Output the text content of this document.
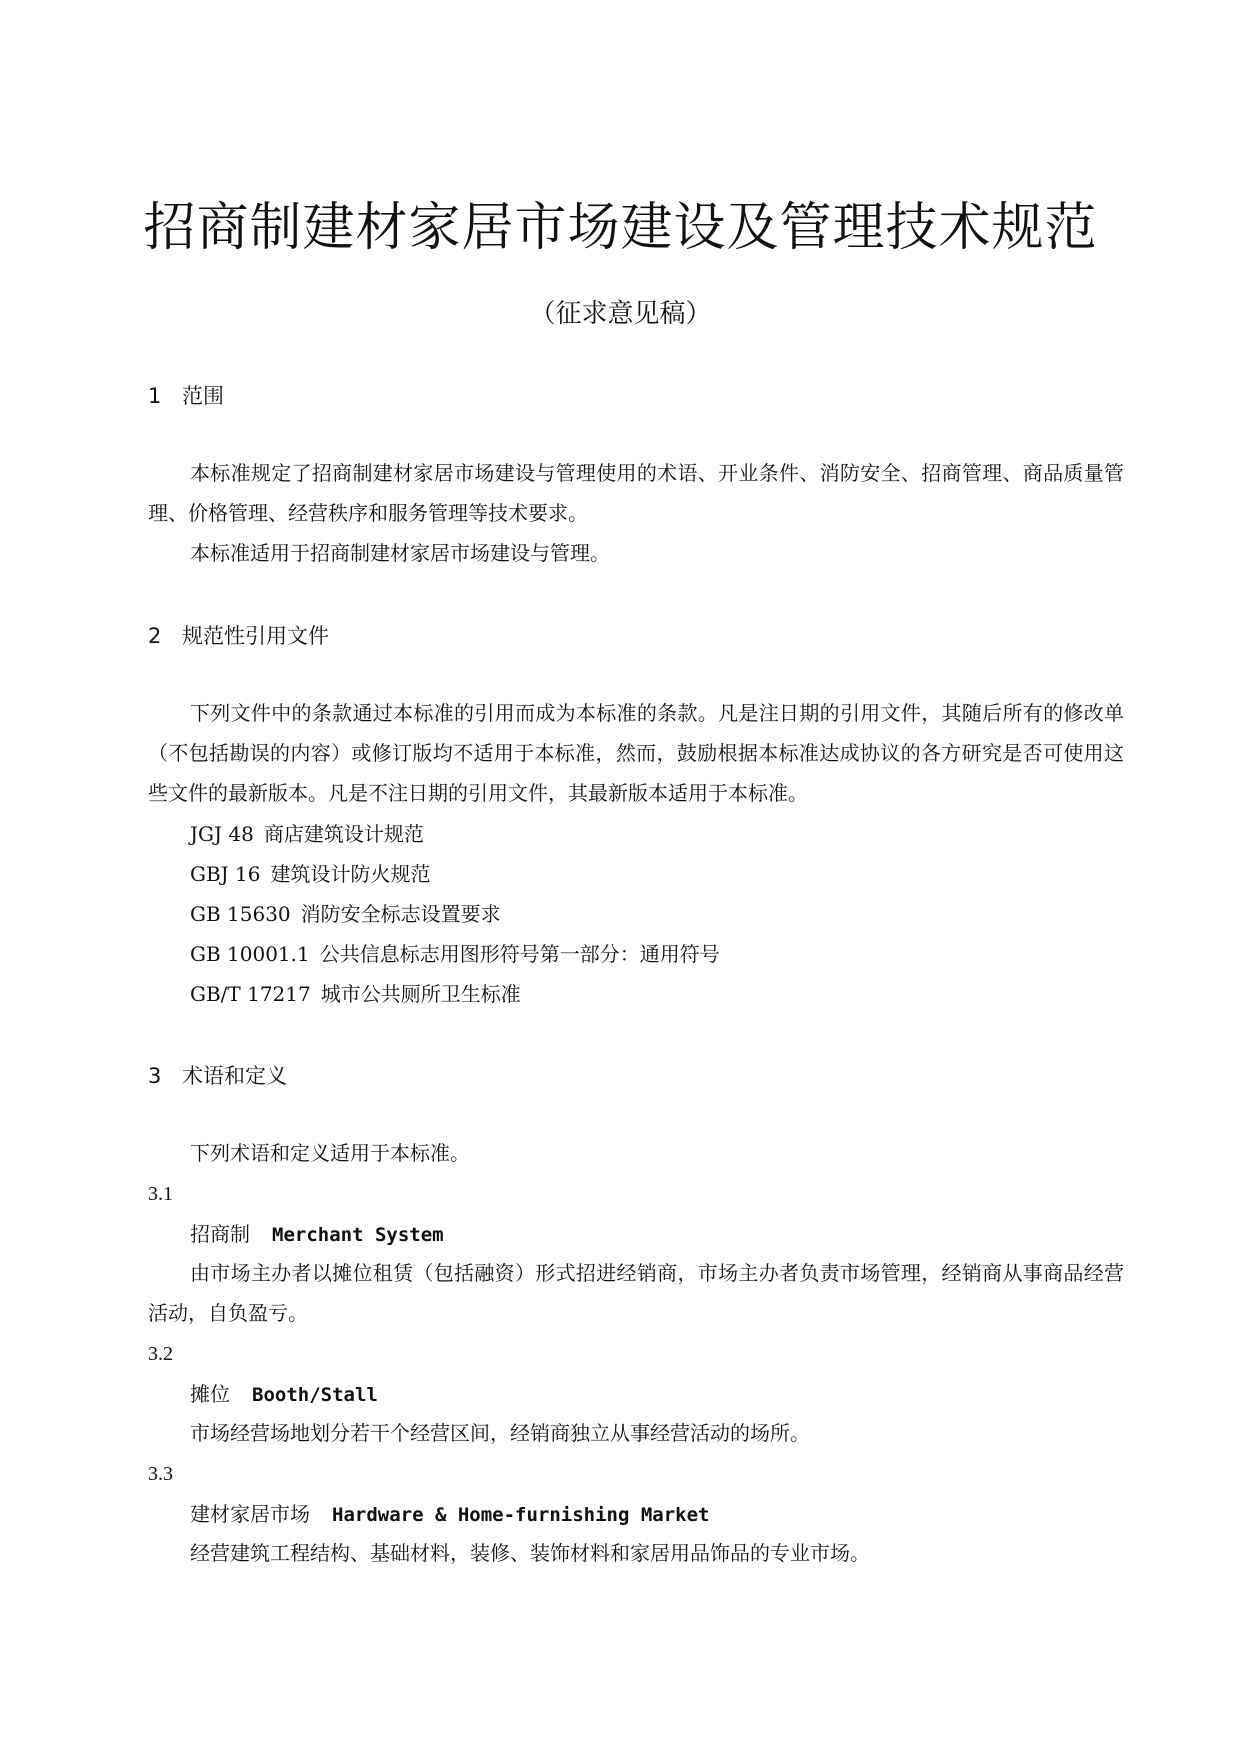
招商制建材家居市场建设及管理技术规范
（征求意见稿）
1 范围
本标准规定了招商制建材家居市场建设与管理使用的术语、开业条件、消防安全、招商管理、商品质量管理、价格管理、经营秩序和服务管理等技术要求。
本标准适用于招商制建材家居市场建设与管理。
2 规范性引用文件
下列文件中的条款通过本标准的引用而成为本标准的条款。凡是注日期的引用文件，其随后所有的修改单（不包括勘误的内容）或修订版均不适用于本标准，然而，鼓励根据本标准达成协议的各方研究是否可使用这些文件的最新版本。凡是不注日期的引用文件，其最新版本适用于本标准。
JGJ 48 商店建筑设计规范
GBJ 16 建筑设计防火规范
GB 15630 消防安全标志设置要求
GB 10001.1 公共信息标志用图形符号第一部分：通用符号
GB/T 17217 城市公共厕所卫生标准
3 术语和定义
下列术语和定义适用于本标准。
3.1
招商制 Merchant System
由市场主办者以摊位租赁（包括融资）形式招进经销商，市场主办者负责市场管理，经销商从事商品经营活动，自负盈亏。
3.2
摊位 Booth/Stall
市场经营场地划分若干个经营区间，经销商独立从事经营活动的场所。
3.3
建材家居市场 Hardware & Home-furnishing Market
经营建筑工程结构、基础材料，装修、装饰材料和家居用品饰品的专业市场。
